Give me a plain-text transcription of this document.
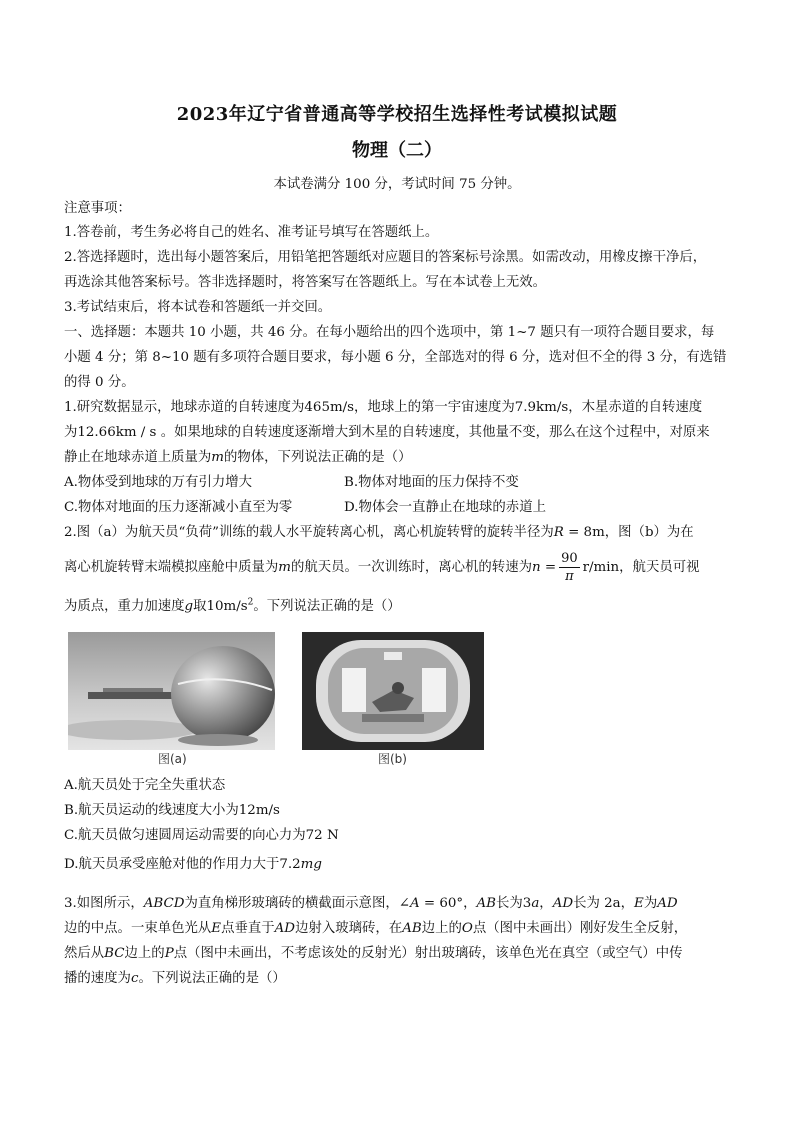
2023年辽宁省普通高等学校招生选择性考试模拟试题
物理（二）
本试卷满分 100 分，考试时间 75 分钟。
注意事项：
1.答卷前，考生务必将自己的姓名、准考证号填写在答题纸上。
2.答选择题时，选出每小题答案后，用铅笔把答题纸对应题目的答案标号涂黑。如需改动，用橡皮擦干净后，
再选涂其他答案标号。答非选择题时，将答案写在答题纸上。写在本试卷上无效。
3.考试结束后，将本试卷和答题纸一并交回。
一、选择题：本题共 10 小题，共 46 分。在每小题给出的四个选项中，第 1~7 题只有一项符合题目要求，每
小题 4 分；第 8~10 题有多项符合题目要求，每小题 6 分，全部选对的得 6 分，选对但不全的得 3 分，有选错
的得 0 分。
1.研究数据显示，地球赤道的自转速度为465m/s，地球上的第一宇宙速度为7.9km/s，木星赤道的自转速度
为12.66km / s 。如果地球的自转速度逐渐增大到木星的自转速度，其他量不变，那么在这个过程中，对原来
静止在地球赤道上质量为m的物体，下列说法正确的是（）
A.物体受到地球的万有引力增大	B.物体对地面的压力保持不变
C.物体对地面的压力逐渐减小直至为零	D.物体会一直静止在地球的赤道上
2.图（a）为航天员“负荷”训练的载人水平旋转离心机，离心机旋转臂的旋转半径为R = 8m，图（b）为在
离心机旋转臂末端模拟座舱中质量为m的航天员。一次训练时，离心机的转速为$n = \frac{90}{\pi} r/\min$，航天员可视
为质点，重力加速度g取$10m/s^2$。下列说法正确的是（）
图(a)	图(b)
A.航天员处于完全失重状态
B.航天员运动的线速度大小为12m/s
C.航天员做匀速圆周运动需要的向心力为72 N
D.航天员承受座舱对他的作用力大于7.2mg
3.如图所示，ABCD为直角梯形玻璃砖的横截面示意图，∠A = 60°，AB长为3a，AD长为 2a，E为AD
边的中点。一束单色光从E点垂直于AD边射入玻璃砖，在AB边上的O点（图中未画出）刚好发生全反射，
然后从BC边上的P点（图中未画出，不考虑该处的反射光）射出玻璃砖，该单色光在真空（或空气）中传
播的速度为c。下列说法正确的是（）
